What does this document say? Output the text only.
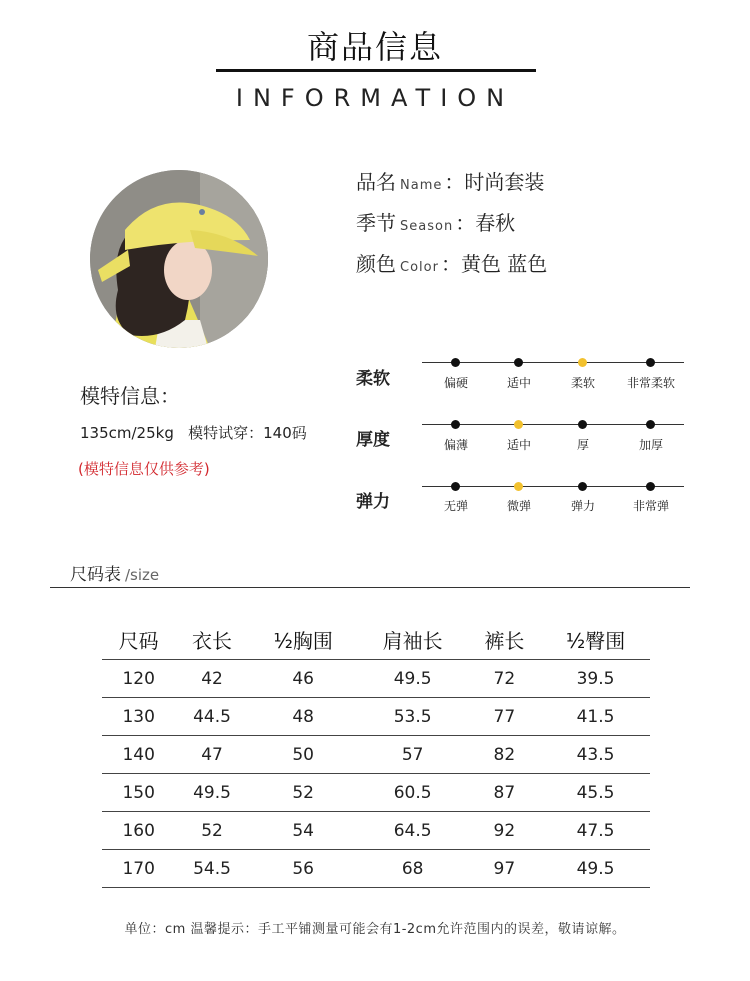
商品信息
INFORMATION
品名 Name ：时尚套装
季节 Season ：春秋
颜色 Color ：黄色 蓝色
模特信息：
135cm/25kg   模特试穿：140码
(模特信息仅供参考)
柔软	偏硬	适中	柔软	非常柔软
厚度	偏薄	适中	厚	加厚
弹力	无弹	微弹	弹力	非常弹
尺码表 /size
尺码	衣长	½胸围	肩袖长	裤长	½臀围
120	42	46	49.5	72	39.5
130	44.5	48	53.5	77	41.5
140	47	50	57	82	43.5
150	49.5	52	60.5	87	45.5
160	52	54	64.5	92	47.5
170	54.5	56	68	97	49.5
单位：cm 温馨提示：手工平铺测量可能会有1-2cm允许范围内的误差，敬请谅解。
